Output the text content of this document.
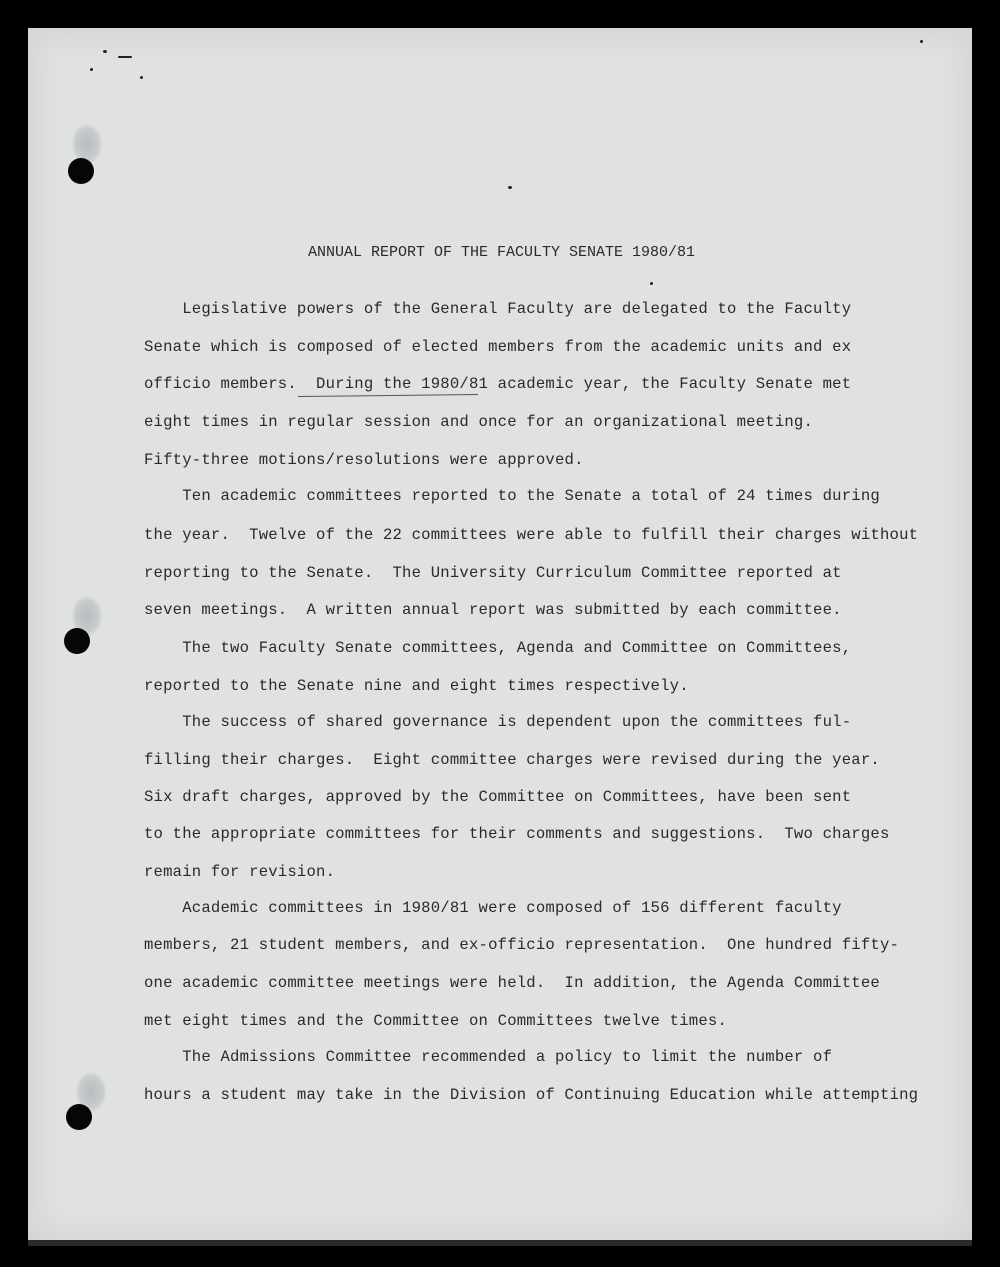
ANNUAL REPORT OF THE FACULTY SENATE 1980/81
Legislative powers of the General Faculty are delegated to the Faculty
Senate which is composed of elected members from the academic units and ex
officio members.  During the 1980/81 academic year, the Faculty Senate met
eight times in regular session and once for an organizational meeting.
Fifty-three motions/resolutions were approved.
Ten academic committees reported to the Senate a total of 24 times during
the year.  Twelve of the 22 committees were able to fulfill their charges without
reporting to the Senate.  The University Curriculum Committee reported at
seven meetings.  A written annual report was submitted by each committee.
The two Faculty Senate committees, Agenda and Committee on Committees,
reported to the Senate nine and eight times respectively.
The success of shared governance is dependent upon the committees ful-
filling their charges.  Eight committee charges were revised during the year.
Six draft charges, approved by the Committee on Committees, have been sent
to the appropriate committees for their comments and suggestions.  Two charges
remain for revision.
Academic committees in 1980/81 were composed of 156 different faculty
members, 21 student members, and ex-officio representation.  One hundred fifty-
one academic committee meetings were held.  In addition, the Agenda Committee
met eight times and the Committee on Committees twelve times.
The Admissions Committee recommended a policy to limit the number of
hours a student may take in the Division of Continuing Education while attempting
